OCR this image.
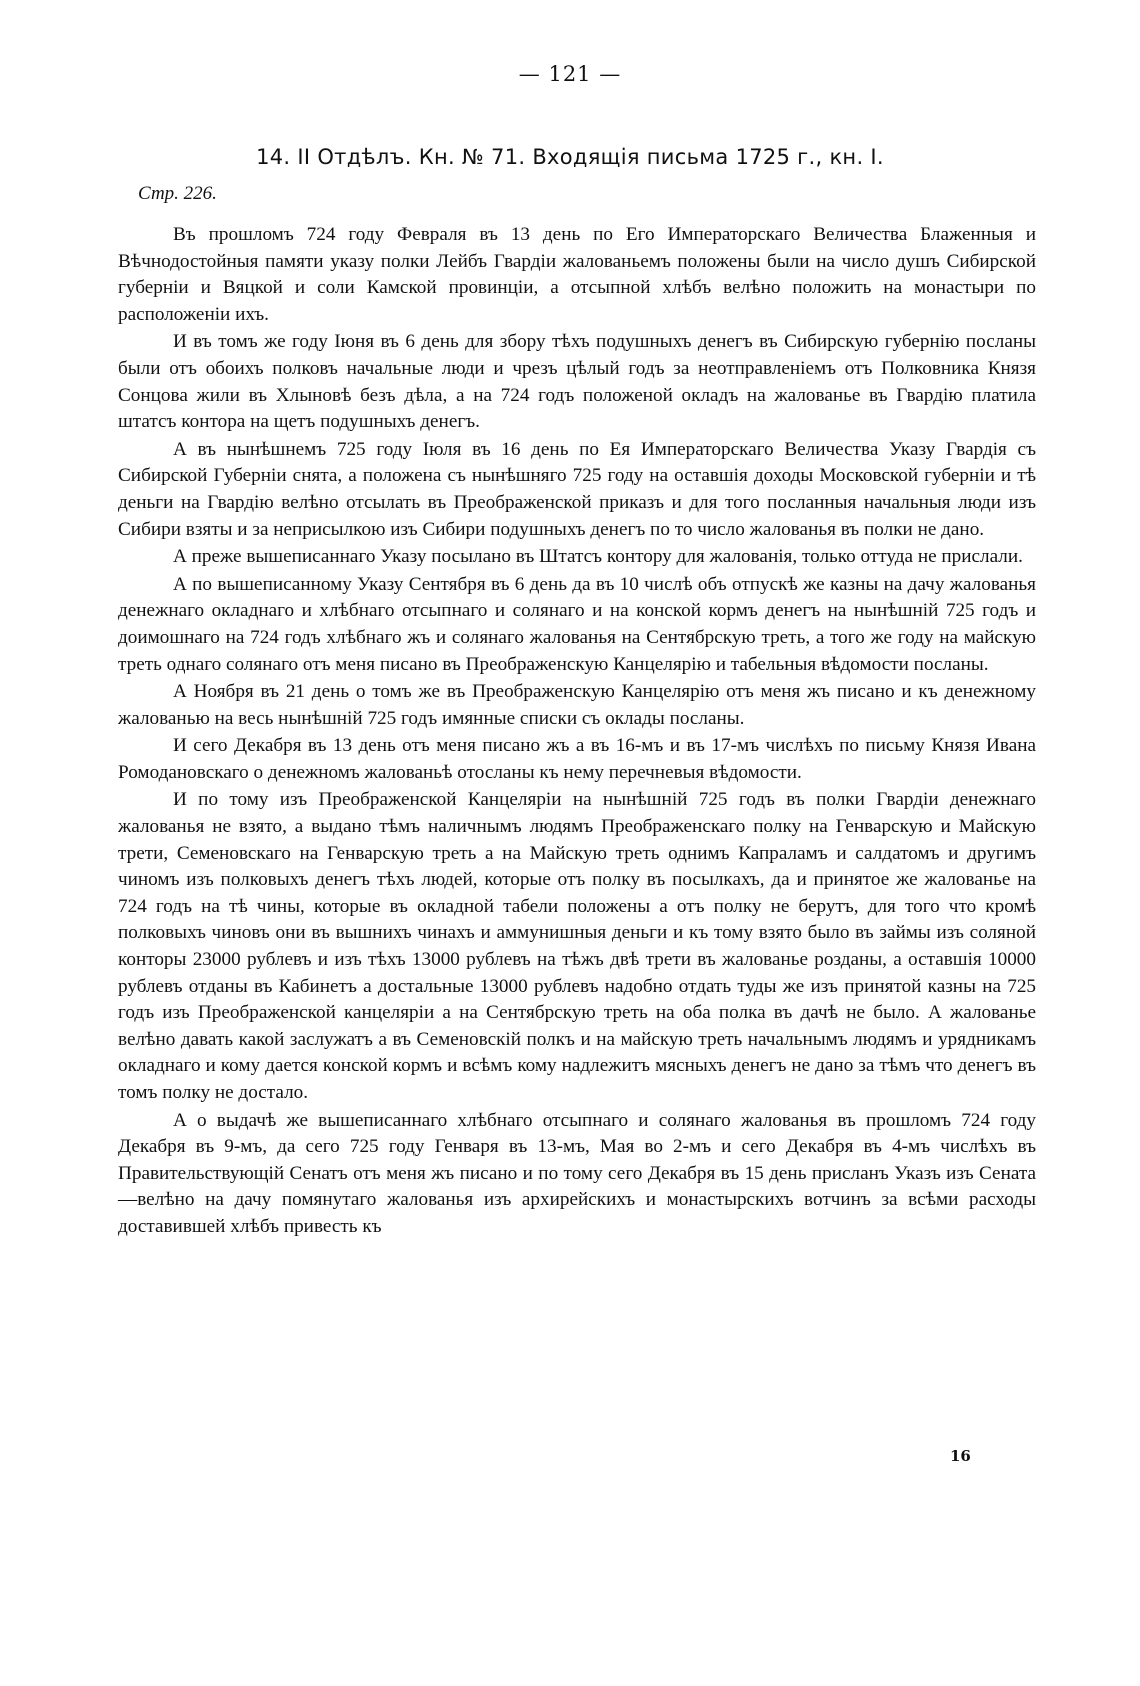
— 121 —
14. II Отдѣлъ. Кн. № 71. Входящія письма 1725 г., кн. I.
Стр. 226.

Въ прошломъ 724 году Февраля въ 13 день по Его Императорскаго Величества Блаженныя и Вѣчнодостойныя памяти указу полки Лейбъ Гвардіи жалованьемъ положены были на число душъ Сибирской губерніи и Вяцкой и соли Камской провинціи, а отсыпной хлѣбъ велѣно положить на монастыри по расположеніи ихъ.

И въ томъ же году Іюня въ 6 день для збору тѣхъ подушныхъ денегъ въ Сибирскую губернію посланы были отъ обоихъ полковъ начальные люди и чрезъ цѣлый годъ за неотправленіемъ отъ Полковника Князя Сонцова жили въ Хлыновѣ безъ дѣла, а на 724 годъ положеной окладъ на жалованье въ Гвардію платила штатсъ контора на щетъ подушныхъ денегъ.

А въ нынѣшнемъ 725 году Іюля въ 16 день по Ея Императорскаго Величества Указу Гвардія съ Сибирской Губерніи снята, а положена съ нынѣшняго 725 году на оставшія доходы Московской губерніи и тѣ деньги на Гвардію велѣно отсылать въ Преображенской приказъ и для того посланныя начальныя люди изъ Сибири взяты и за неприсылкою изъ Сибири подушныхъ денегъ по то число жалованья въ полки не дано.

А преже вышеписаннаго Указу посылано въ Штатсъ контору для жалованія, только оттуда не прислали.

А по вышеписанному Указу Сентября въ 6 день да въ 10 числѣ объ отпускѣ же казны на дачу жалованья денежнаго окладнаго и хлѣбнаго отсыпнаго и солянаго и на конской кормъ денегъ на нынѣшній 725 годъ и доимошнаго на 724 годъ хлѣбнаго жъ и солянаго жалованья на Сентябрскую треть, а того же году на майскую треть однаго солянаго отъ меня писано въ Преображенскую Канцелярію и табельныя вѣдомости посланы.

А Ноября въ 21 день о томъ же въ Преображенскую Канцелярію отъ меня жъ писано и къ денежному жалованью на весь нынѣшній 725 годъ имянные списки съ оклады посланы.

И сего Декабря въ 13 день отъ меня писано жъ а въ 16-мъ и въ 17-мъ числѣхъ по письму Князя Ивана Ромодановскаго о денежномъ жалованьѣ отосланы къ нему перечневыя вѣдомости.

И по тому изъ Преображенской Канцеляріи на нынѣшній 725 годъ въ полки Гвардіи денежнаго жалованья не взято, а выдано тѣмъ наличнымъ людямъ Преображенскаго полку на Генварскую и Майскую трети, Семеновскаго на Генварскую треть а на Майскую треть однимъ Капраламъ и салдатомъ и другимъ чиномъ изъ полковыхъ денегъ тѣхъ людей, которые отъ полку въ посылкахъ, да и принятое же жалованье на 724 годъ на тѣ чины, которые въ окладной табели положены а отъ полку не берутъ, для того что кромѣ полковыхъ чиновъ они въ вышнихъ чинахъ и аммунишныя деньги и къ тому взято было въ займы изъ соляной конторы 23000 рублевъ и изъ тѣхъ 13000 рублевъ на тѣжъ двѣ трети въ жалованье розданы, а оставшія 10000 рублевъ отданы въ Кабинетъ а достальные 13000 рублевъ надобно отдать туды же изъ принятой казны на 725 годъ изъ Преображенской канцеляріи а на Сентябрскую треть на оба полка въ дачѣ не было. А жалованье велѣно давать какой заслужатъ а въ Семеновскій полкъ и на майскую треть начальнымъ людямъ и урядникамъ окладнаго и кому дается конской кормъ и всѣмъ кому надлежитъ мясныхъ денегъ не дано за тѣмъ что денегъ въ томъ полку не достало.

А о выдачѣ же вышеписаннаго хлѣбнаго отсыпнаго и солянаго жалованья въ прошломъ 724 году Декабря въ 9-мъ, да сего 725 году Генваря въ 13-мъ, Мая во 2-мъ и сего Декабря въ 4-мъ числѣхъ въ Правительствующій Сенатъ отъ меня жъ писано и по тому сего Декабря въ 15 день присланъ Указъ изъ Сената—велѣно на дачу помянутаго жалованья изъ архирейскихъ и монастырскихъ вотчинъ за всѣми расходы доставившей хлѣбъ привесть къ

16
